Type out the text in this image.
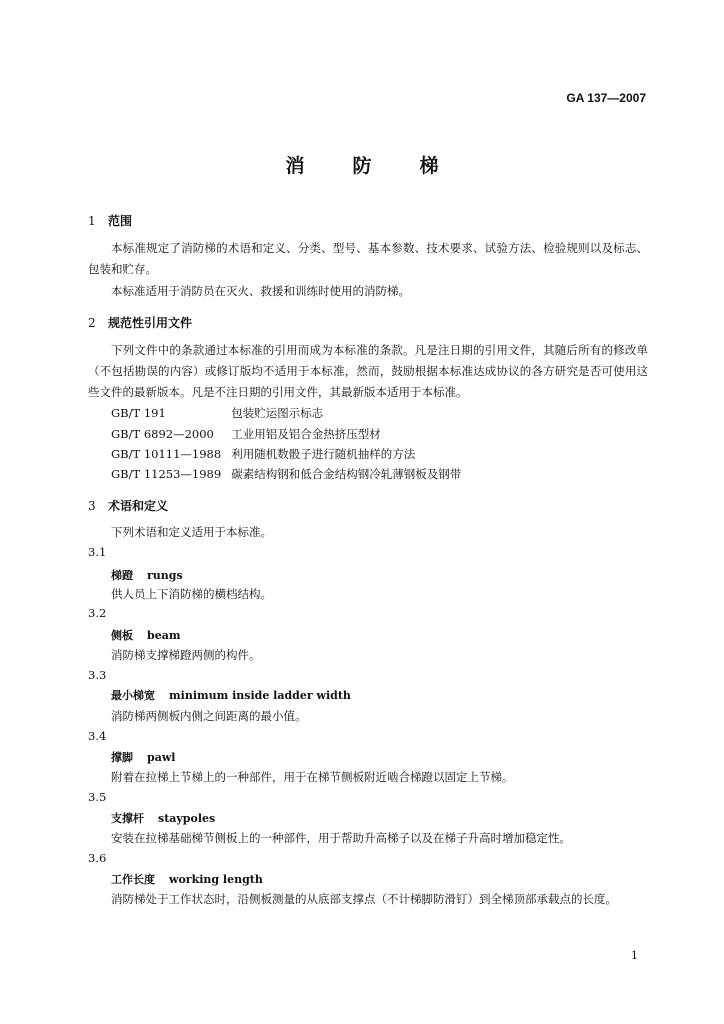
GA 137—2007
消防梯
1 范围
本标准规定了消防梯的术语和定义、分类、型号、基本参数、技术要求、试验方法、检验规则以及标志、包装和贮存。
本标准适用于消防员在灭火、救援和训练时使用的消防梯。
2 规范性引用文件
下列文件中的条款通过本标准的引用而成为本标准的条款。凡是注日期的引用文件，其随后所有的修改单（不包括勘误的内容）或修订版均不适用于本标准，然而，鼓励根据本标准达成协议的各方研究是否可使用这些文件的最新版本。凡是不注日期的引用文件，其最新版本适用于本标准。
GB/T 191	包装贮运图示标志
GB/T 6892—2000 工业用铝及铝合金热挤压型材
GB/T 10111—1988 利用随机数骰子进行随机抽样的方法
GB/T 11253—1989 碳素结构钢和低合金结构钢冷轧薄钢板及钢带
3 术语和定义
下列术语和定义适用于本标准。
3.1
梯蹬 rungs
供人员上下消防梯的横档结构。
3.2
侧板 beam
消防梯支撑梯蹬两侧的构件。
3.3
最小梯宽 minimum inside ladder width
消防梯两侧板内侧之间距离的最小值。
3.4
撑脚 pawl
附着在拉梯上节梯上的一种部件，用于在梯节侧板附近啮合梯蹬以固定上节梯。
3.5
支撑杆 staypoles
安装在拉梯基础梯节侧板上的一种部件，用于帮助升高梯子以及在梯子升高时增加稳定性。
3.6
工作长度 working length
消防梯处于工作状态时，沿侧板测量的从底部支撑点（不计梯脚防滑钉）到全梯顶部承载点的长度。
1
